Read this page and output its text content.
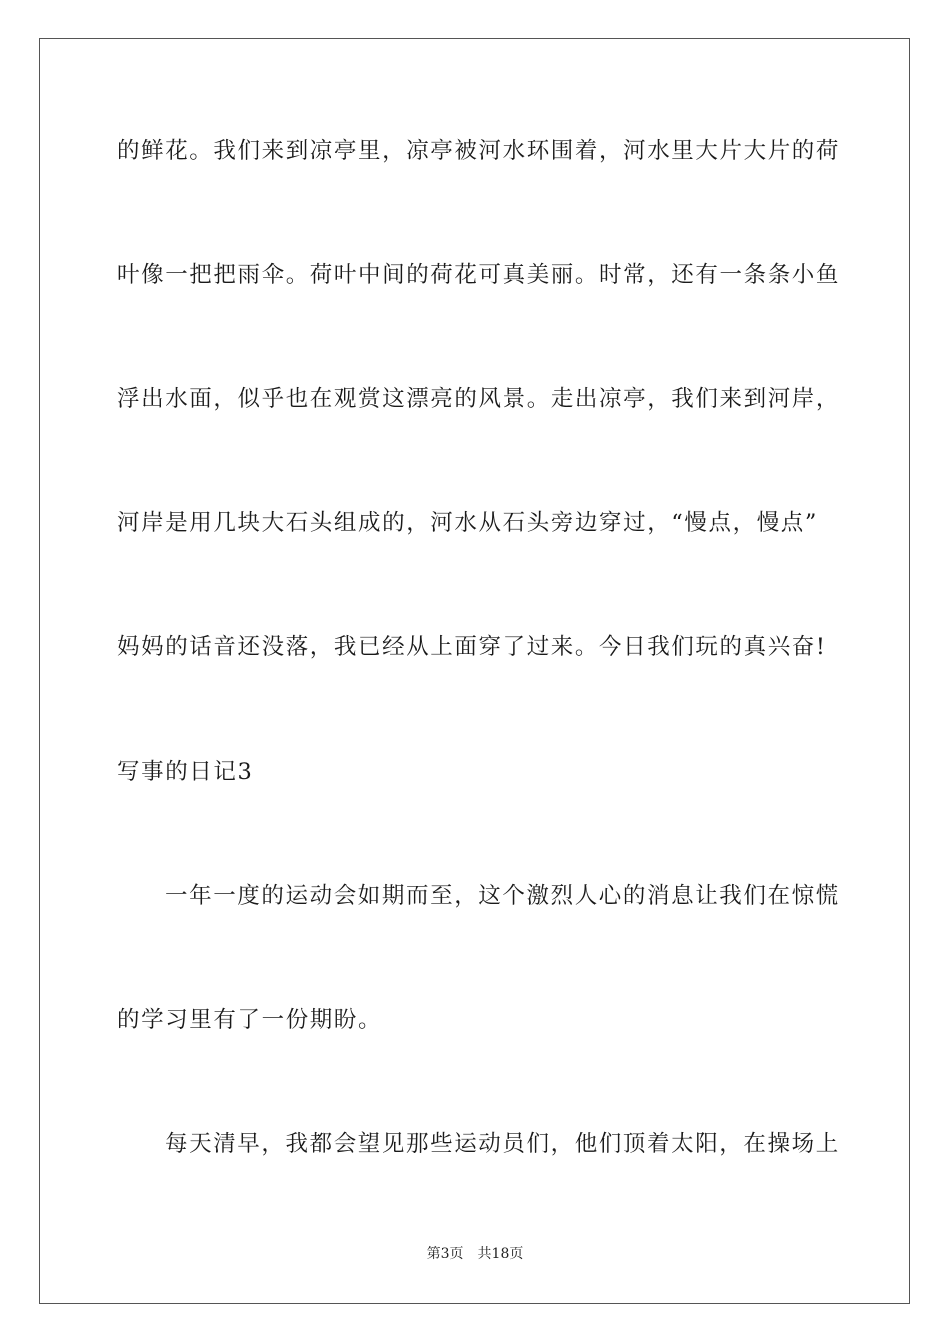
的鲜花。我们来到凉亭里，凉亭被河水环围着，河水里大片大片的荷
叶像一把把雨伞。荷叶中间的荷花可真美丽。时常，还有一条条小鱼
浮出水面，似乎也在观赏这漂亮的风景。走出凉亭，我们来到河岸，
河岸是用几块大石头组成的，河水从石头旁边穿过，“慢点，慢点”
妈妈的话音还没落，我已经从上面穿了过来。今日我们玩的真兴奋!
写事的日记3
一年一度的运动会如期而至，这个激烈人心的消息让我们在惊慌
的学习里有了一份期盼。
每天清早，我都会望见那些运动员们，他们顶着太阳，在操场上
第3页 共18页
